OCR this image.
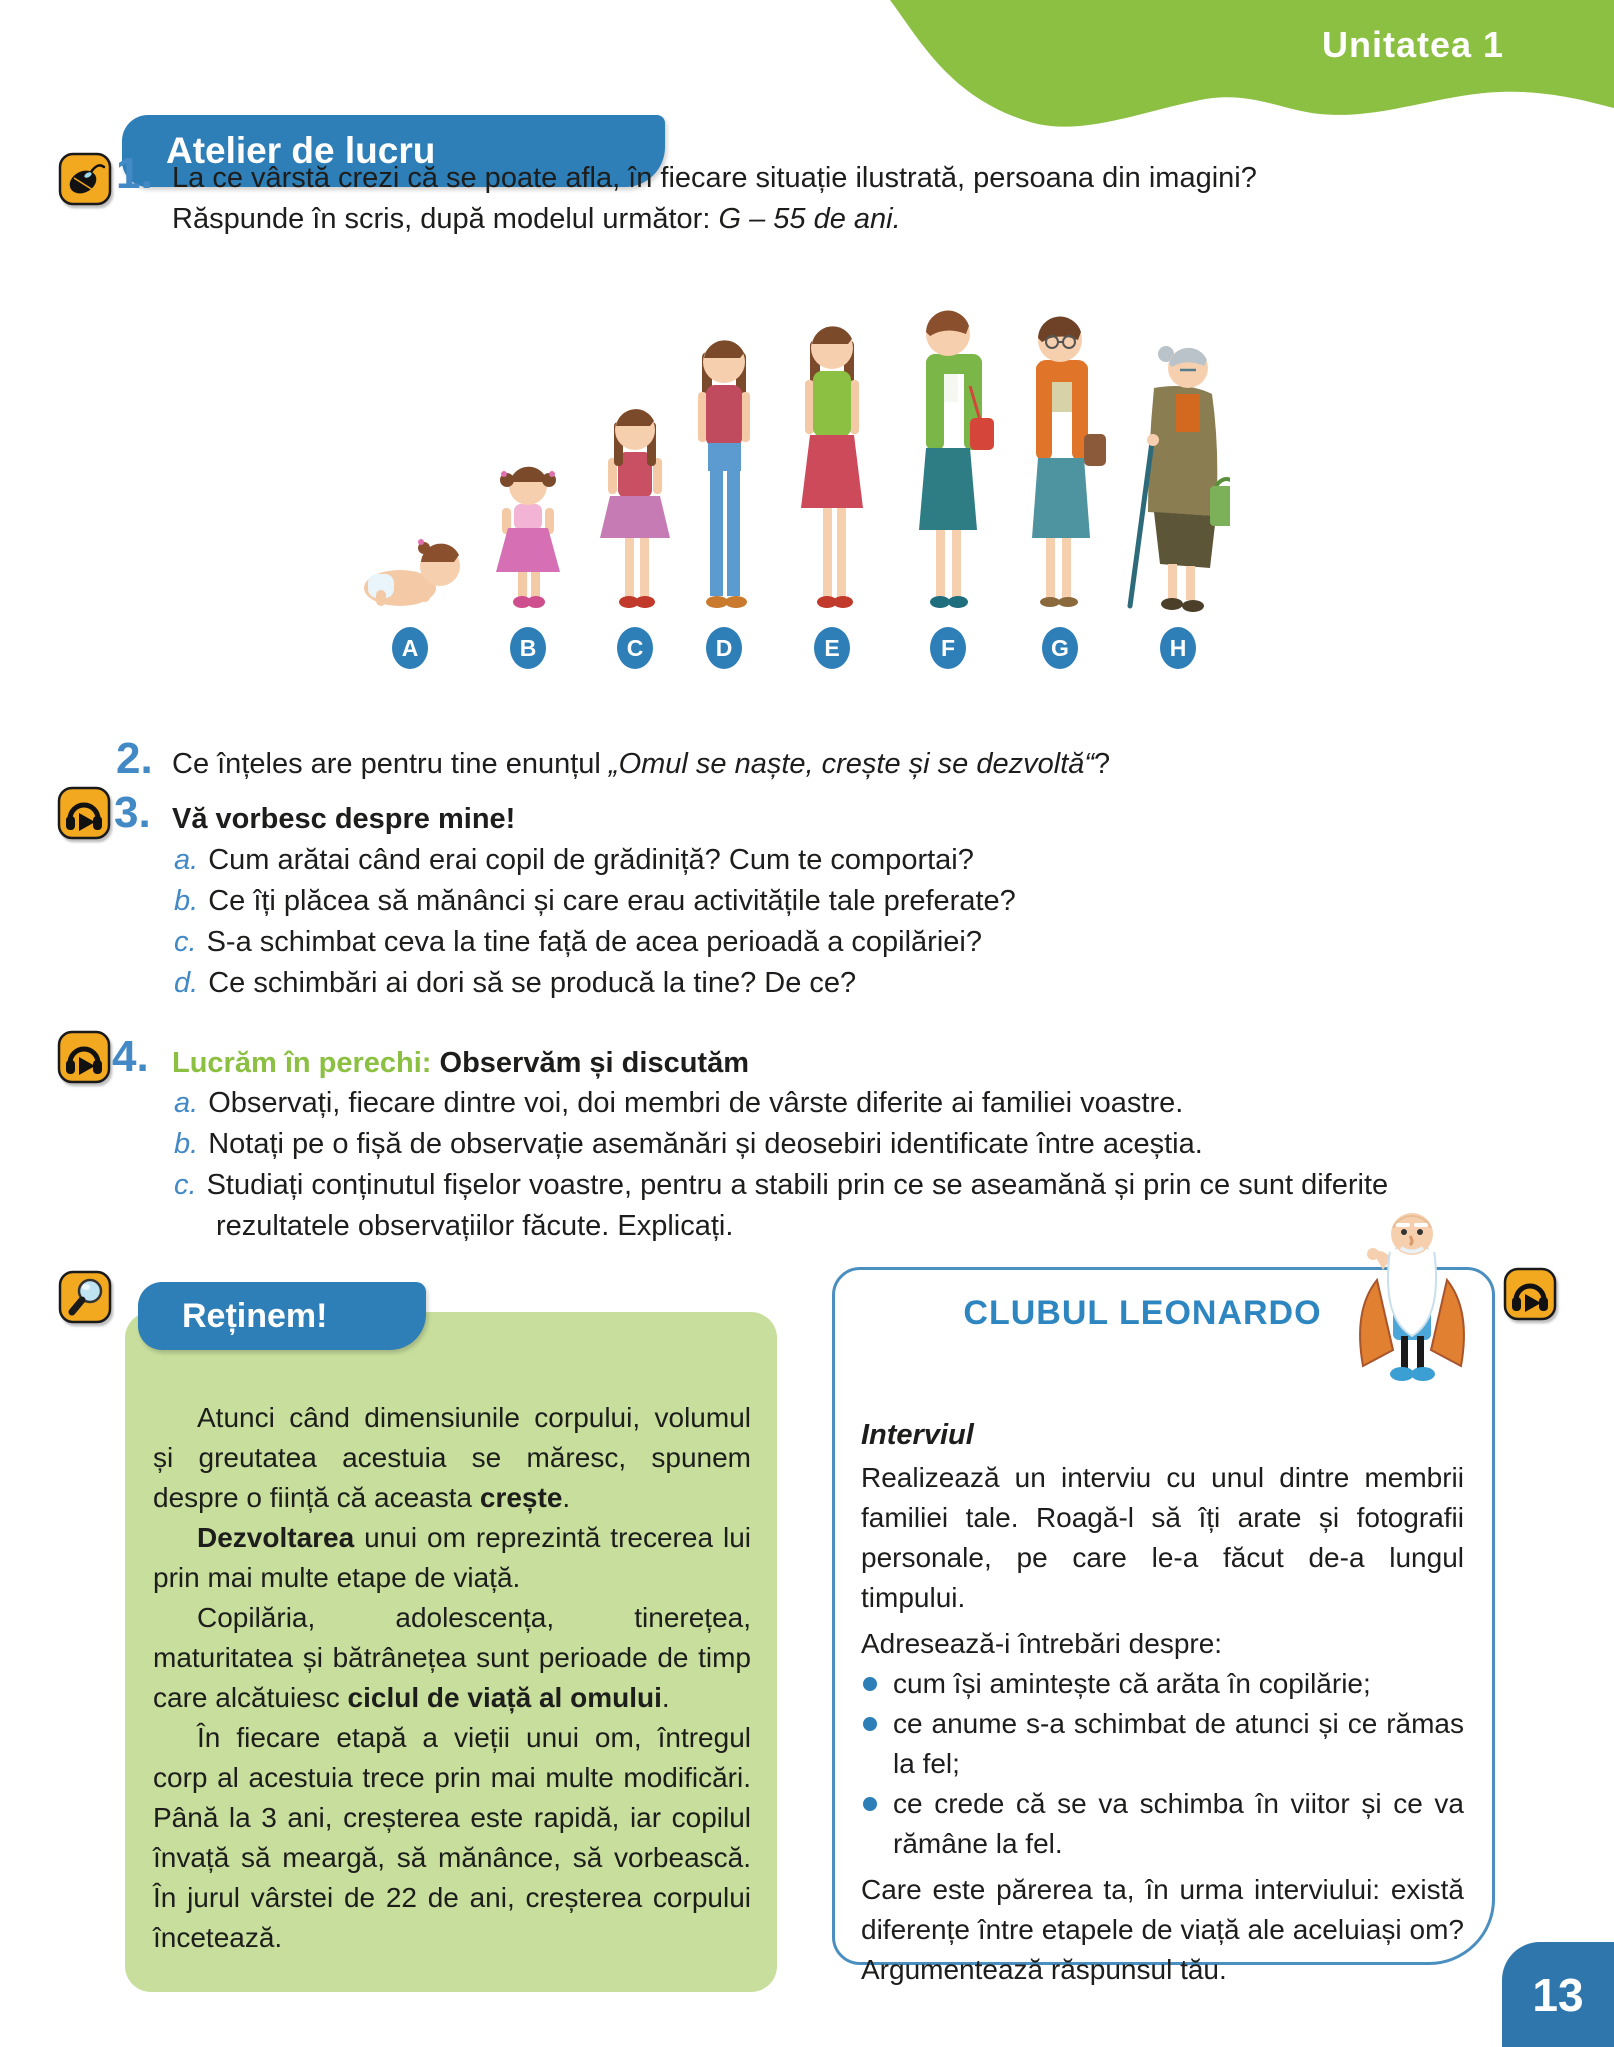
Unitatea 1
Atelier de lucru
1. La ce vârstă crezi că se poate afla, în fiecare situație ilustrată, persoana din imagini?
Răspunde în scris, după modelul următor: G – 55 de ani.
A	B	C	D	E	F	G	H
2. Ce înțeles are pentru tine enunțul „Omul se naște, crește și se dezvoltă“?
3. Vă vorbesc despre mine!
a. Cum arătai când erai copil de grădiniță? Cum te comportai?
b. Ce îți plăcea să mănânci și care erau activitățile tale preferate?
c. S-a schimbat ceva la tine față de acea perioadă a copilăriei?
d. Ce schimbări ai dori să se producă la tine? De ce?
4. Lucrăm în perechi: Observăm și discutăm
a. Observați, fiecare dintre voi, doi membri de vârste diferite ai familiei voastre.
b. Notați pe o fișă de observație asemănări și deosebiri identificate între aceștia.
c. Studiați conținutul fișelor voastre, pentru a stabili prin ce se aseamănă și prin ce sunt diferite rezultatele observațiilor făcute. Explicați.
Reținem!

Atunci când dimensiunile corpului, volumul și greutatea acestuia se măresc, spunem despre o ființă că aceasta crește.

Dezvoltarea unui om reprezintă trecerea lui prin mai multe etape de viață.

Copilăria, adolescența, tinerețea, maturitatea și bătrânețea sunt perioade de timp care alcătuiesc ciclul de viață al omului.

În fiecare etapă a vieții unui om, întregul corp al acestuia trece prin mai multe modificări. Până la 3 ani, creșterea este rapidă, iar copilul învață să meargă, să mănânce, să vorbească. În jurul vârstei de 22 de ani, creșterea corpului încetează.

CLUBUL LEONARDO
Interviul

Realizează un interviu cu unul dintre membrii familiei tale. Roagă-l să îți arate și fotografii personale, pe care le-a făcut de-a lungul timpului.

Adresează-i întrebări despre:

cum își amintește că arăta în copilărie;
ce anume s-a schimbat de atunci și ce rămas la fel;
ce crede că se va schimba în viitor și ce va rămâne la fel.

Care este părerea ta, în urma interviului: există diferențe între etapele de viață ale aceluiași om? Argumentează răspunsul tău.	13
